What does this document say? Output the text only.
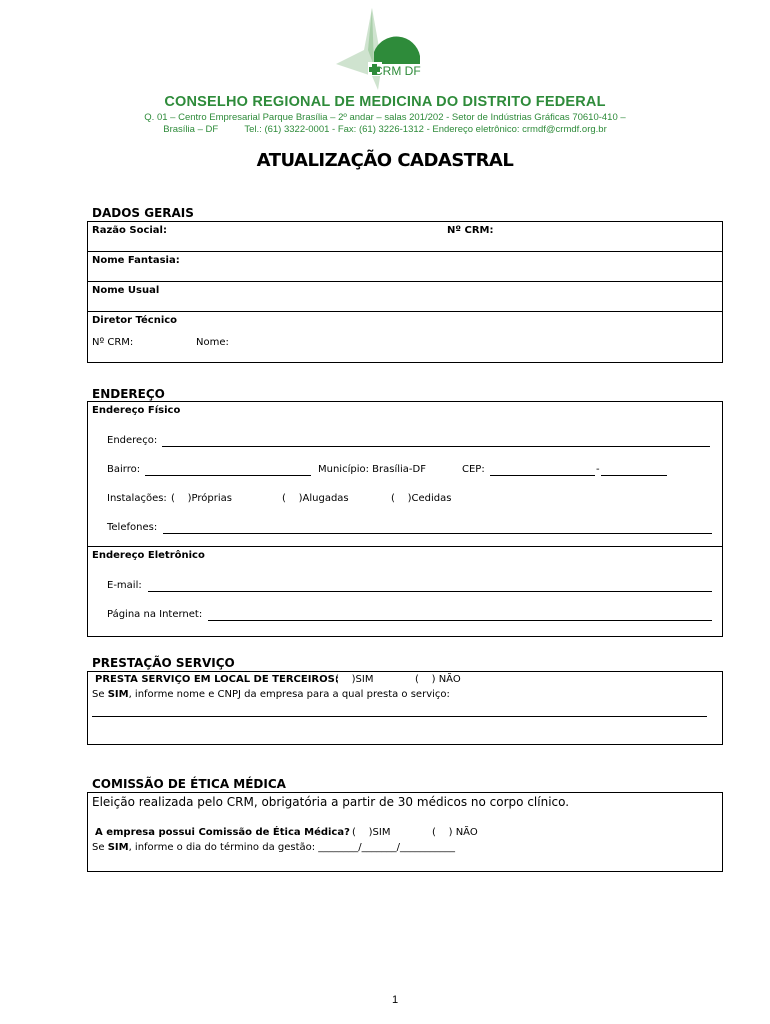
CRM DF
CONSELHO REGIONAL DE MEDICINA DO DISTRITO FEDERAL
Q. 01 – Centro Empresarial Parque Brasília – 2º andar – salas 201/202 - Setor de Indústrias Gráficas 70610-410 –
Brasília – DF          Tel.: (61) 3322-0001 - Fax: (61) 3226-1312 - Endereço eletrônico: crmdf@crmdf.org.br
ATUALIZAÇÃO CADASTRAL
DADOS GERAIS
Razão Social:	Nº CRM:
Nome Fantasia:
Nome Usual
Diretor Técnico
Nº CRM:	Nome:
ENDEREÇO
Endereço Físico
Endereço:
Bairro:	Município: Brasília-DF	CEP:	-
Instalações: (    )Próprias	(    )Alugadas	(    )Cedidas
Telefones:
Endereço Eletrônico
E-mail:
Página na Internet:
PRESTAÇÃO SERVIÇO
PRESTA SERVIÇO EM LOCAL DE TERCEIROS:
(    )SIM	(    ) NÃO
Se SIM, informe nome e CNPJ da empresa para a qual presta o serviço:
COMISSÃO DE ÉTICA MÉDICA
Eleição realizada pelo CRM, obrigatória a partir de 30 médicos no corpo clínico.
A empresa possui Comissão de Ética Médica? (    )SIM	(    ) NÃO
Se SIM, informe o dia do término da gestão: ________/_______/___________
1
